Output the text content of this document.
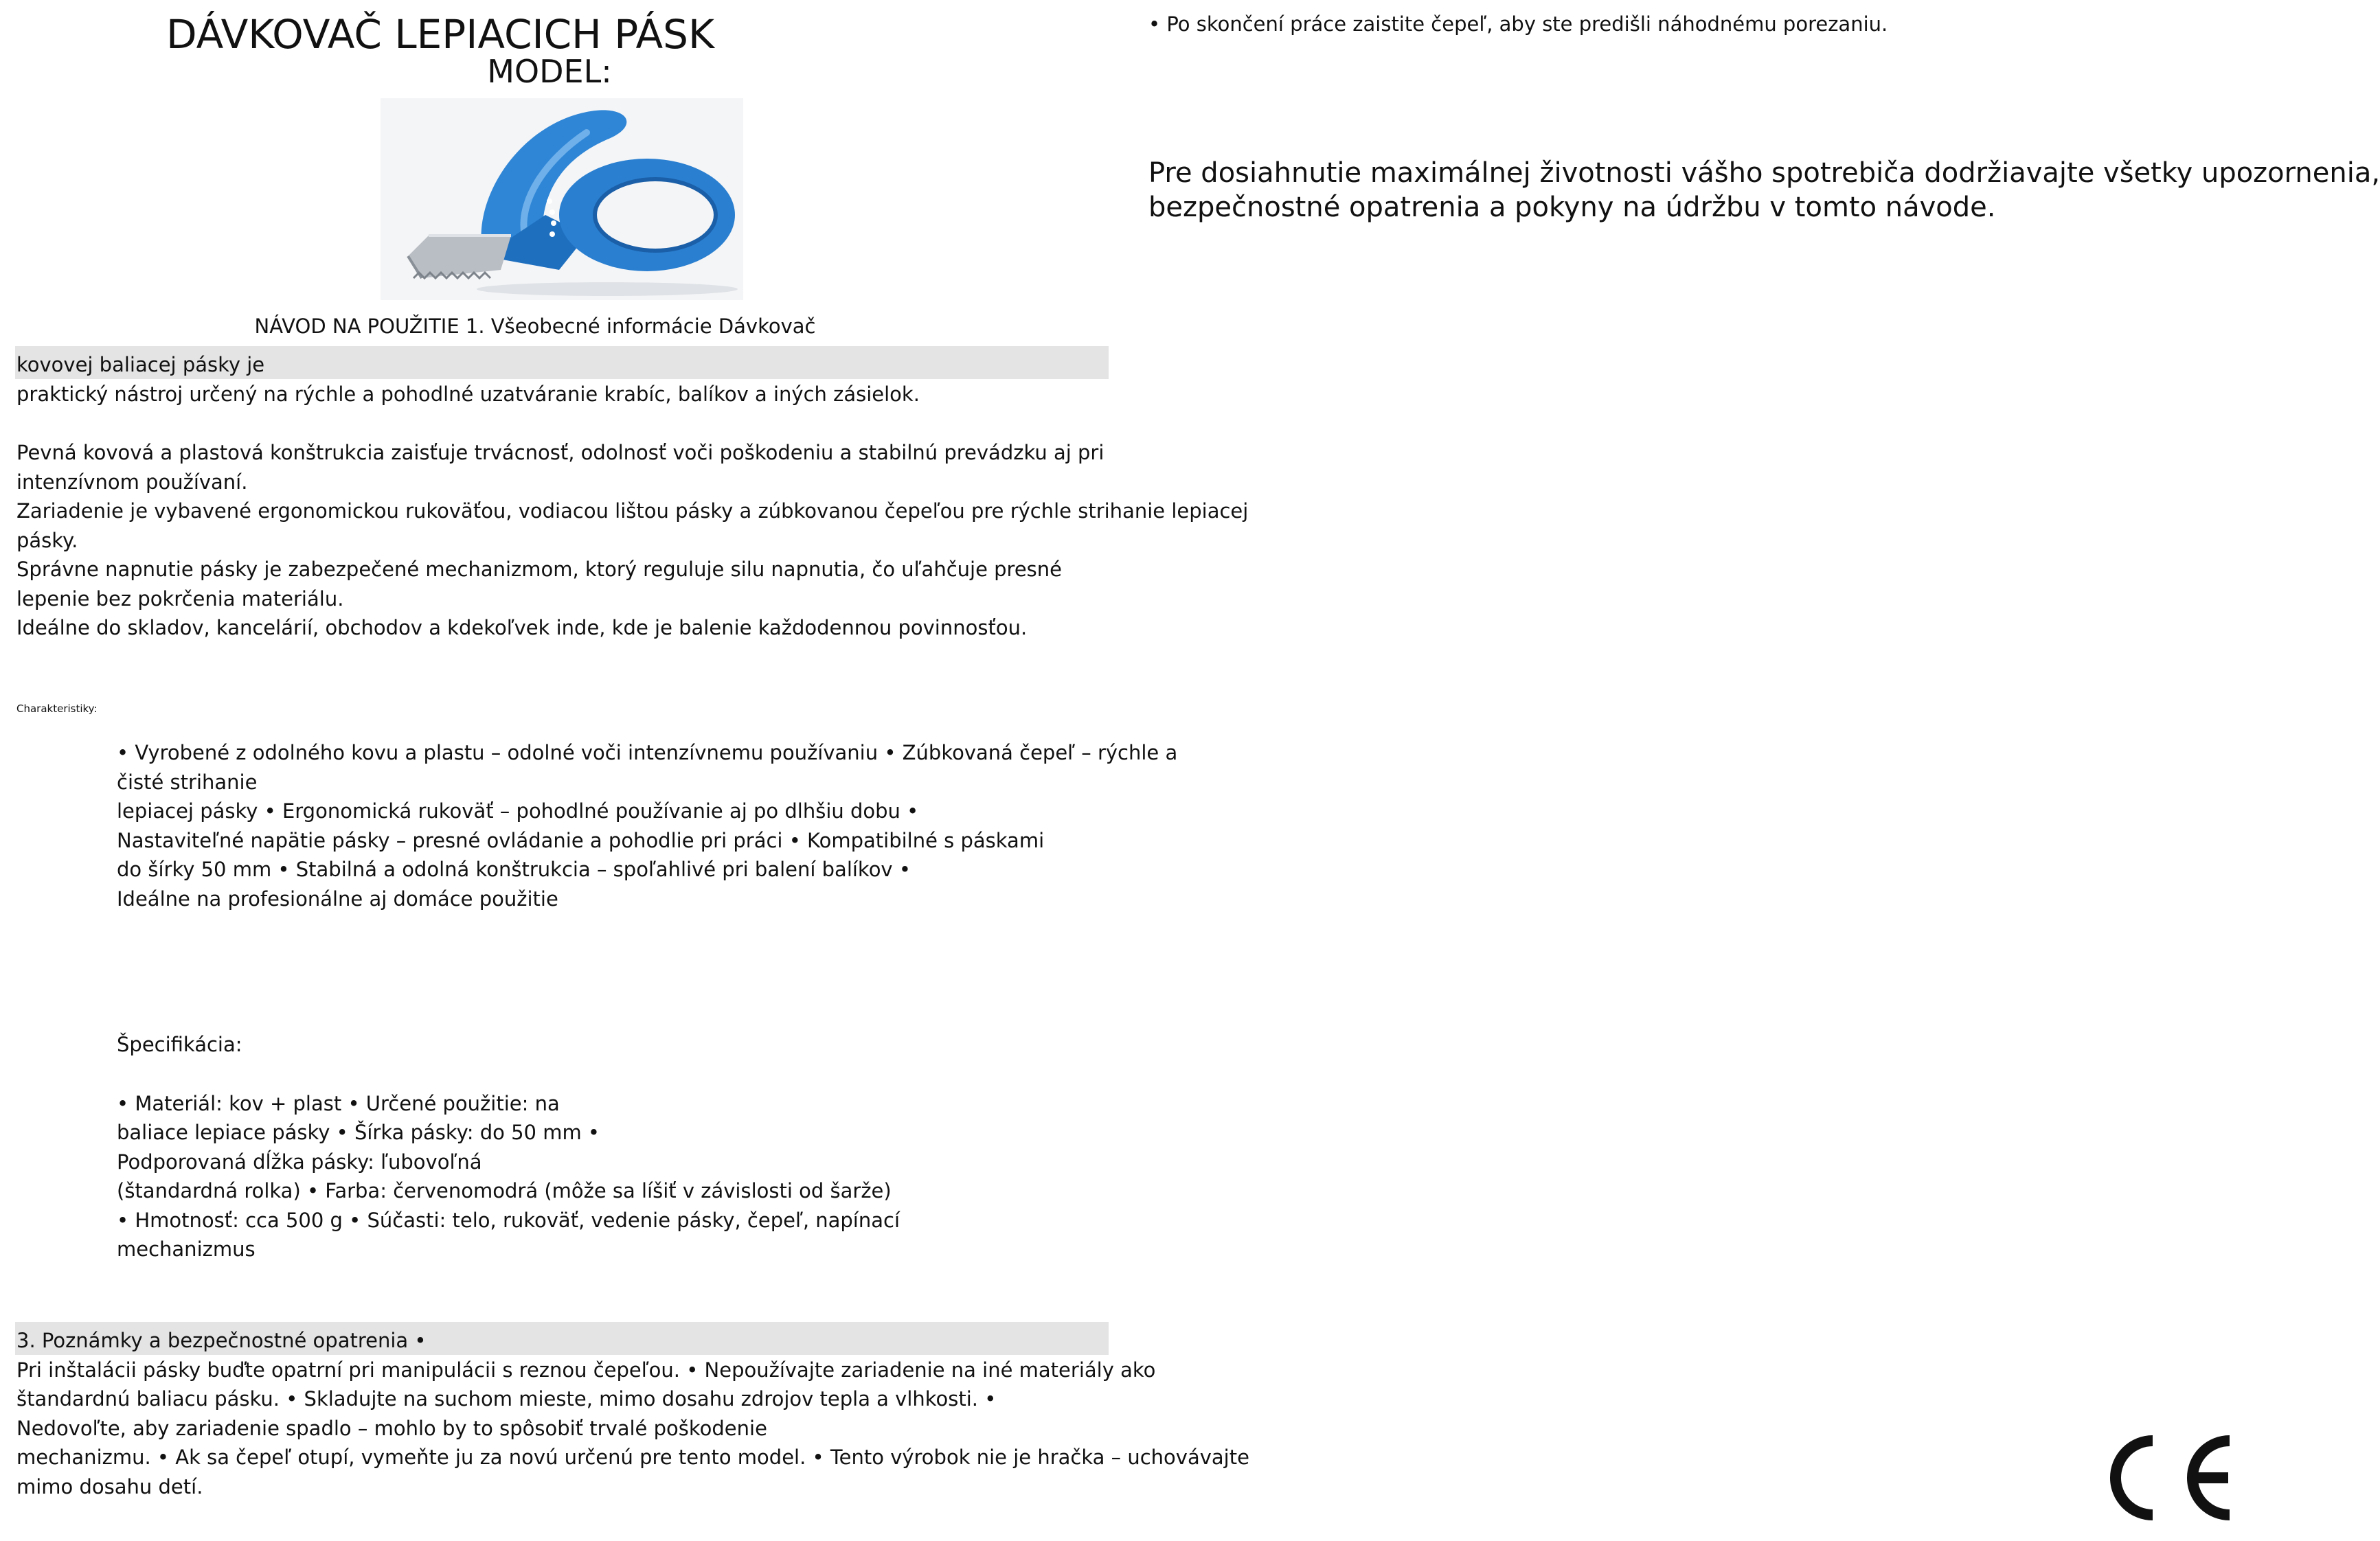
DÁVKOVAČ LEPIACICH PÁSK
MODEL:
NÁVOD NA POUŽITIE 1. Všeobecné informácie Dávkovač
kovovej baliacej pásky je
praktický nástroj určený na rýchle a pohodlné uzatváranie krabíc, balíkov a iných zásielok.
Pevná kovová a plastová konštrukcia zaisťuje trvácnosť, odolnosť voči poškodeniu a stabilnú prevádzku aj pri
intenzívnom používaní.
Zariadenie je vybavené ergonomickou rukoväťou, vodiacou lištou pásky a zúbkovanou čepeľou pre rýchle strihanie lepiacej
pásky.
Správne napnutie pásky je zabezpečené mechanizmom, ktorý reguluje silu napnutia, čo uľahčuje presné
lepenie bez pokrčenia materiálu.
Ideálne do skladov, kancelárií, obchodov a kdekoľvek inde, kde je balenie každodennou povinnosťou.
Charakteristiky:
• Vyrobené z odolného kovu a plastu – odolné voči intenzívnemu používaniu • Zúbkovaná čepeľ – rýchle a
čisté strihanie
lepiacej pásky • Ergonomická rukoväť – pohodlné používanie aj po dlhšiu dobu •
Nastaviteľné napätie pásky – presné ovládanie a pohodlie pri práci • Kompatibilné s páskami
do šírky 50 mm • Stabilná a odolná konštrukcia – spoľahlivé pri balení balíkov •
Ideálne na profesionálne aj domáce použitie
Špecifikácia:
• Materiál: kov + plast • Určené použitie: na
baliace lepiace pásky • Šírka pásky: do 50 mm •
Podporovaná dĺžka pásky: ľubovoľná
(štandardná rolka) • Farba: červenomodrá (môže sa líšiť v závislosti od šarže)
• Hmotnosť: cca 500 g • Súčasti: telo, rukoväť, vedenie pásky, čepeľ, napínací
mechanizmus
3. Poznámky a bezpečnostné opatrenia •
Pri inštalácii pásky buďte opatrní pri manipulácii s reznou čepeľou. • Nepoužívajte zariadenie na iné materiály ako
štandardnú baliacu pásku. • Skladujte na suchom mieste, mimo dosahu zdrojov tepla a vlhkosti. •
Nedovoľte, aby zariadenie spadlo – mohlo by to spôsobiť trvalé poškodenie
mechanizmu. • Ak sa čepeľ otupí, vymeňte ju za novú určenú pre tento model. • Tento výrobok nie je hračka – uchovávajte
mimo dosahu detí.
• Po skončení práce zaistite čepeľ, aby ste predišli náhodnému porezaniu.
Pre dosiahnutie maximálnej životnosti vášho spotrebiča dodržiavajte všetky upozornenia,
bezpečnostné opatrenia a pokyny na údržbu v tomto návode.
